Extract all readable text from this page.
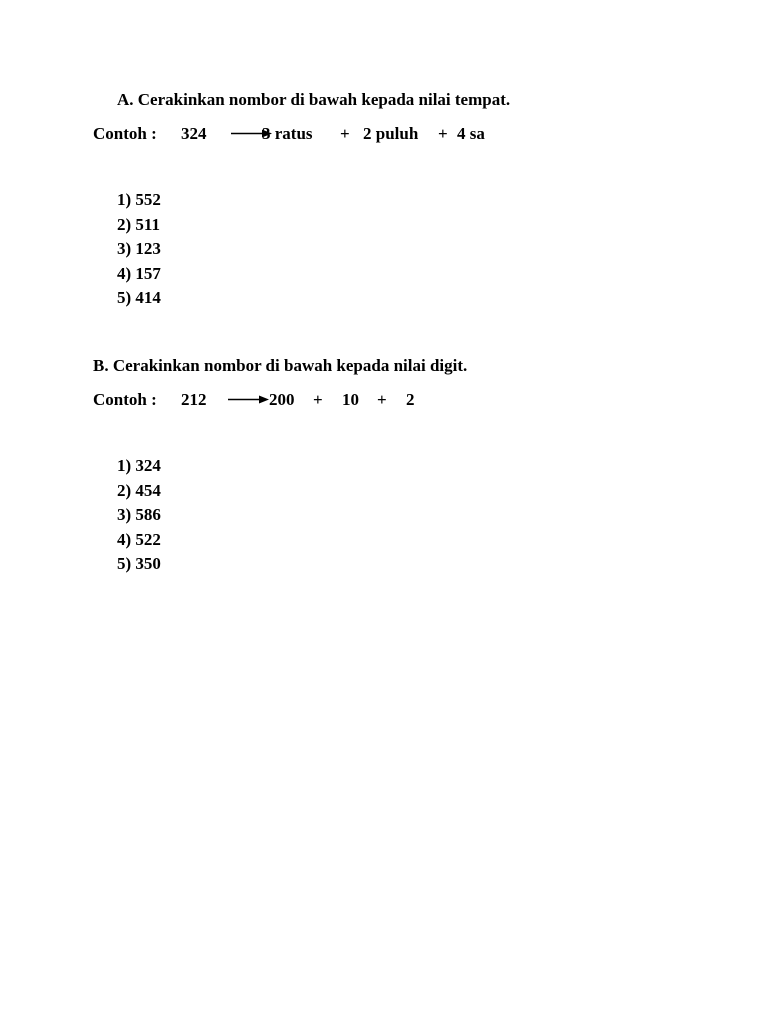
A. Cerakinkan nombor di bawah kepada nilai tempat.
Contoh : 324	3 ratus + 2 puluh + 4 sa
1) 552
2) 511
3) 123
4) 157
5) 414
B. Cerakinkan nombor di bawah kepada nilai digit.
Contoh : 212	200 + 10 + 2
1) 324
2) 454
3) 586
4) 522
5) 350
